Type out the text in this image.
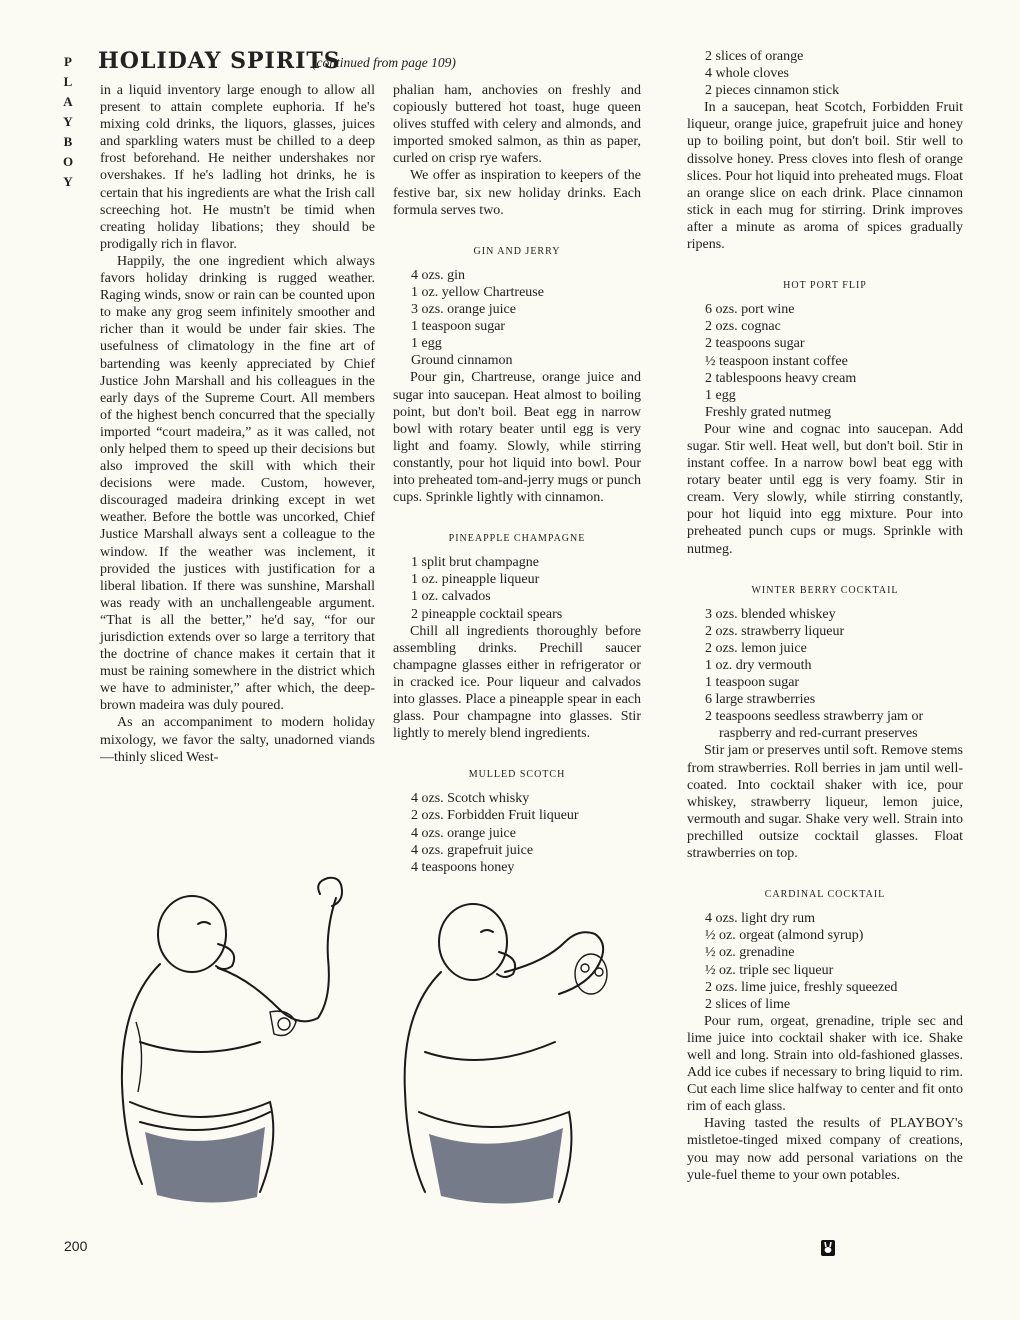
P
L
A
Y
B
O
Y
HOLIDAY SPIRITS
(continued from page 109)

in a liquid inventory large enough to allow all present to attain complete euphoria. If he's mixing cold drinks, the liquors, glasses, juices and sparkling waters must be chilled to a deep frost beforehand. He neither undershakes nor overshakes. If he's ladling hot drinks, he is certain that his ingredients are what the Irish call screeching hot. He mustn't be timid when creating holiday libations; they should be prodigally rich in flavor.

Happily, the one ingredient which always favors holiday drinking is rugged weather. Raging winds, snow or rain can be counted upon to make any grog seem infinitely smoother and richer than it would be under fair skies. The usefulness of climatology in the fine art of bartending was keenly appreciated by Chief Justice John Marshall and his colleagues in the early days of the Supreme Court. All members of the highest bench concurred that the specially imported “court madeira,” as it was called, not only helped them to speed up their decisions but also improved the skill with which their decisions were made. Custom, however, discouraged madeira drinking except in wet weather. Before the bottle was uncorked, Chief Justice Marshall always sent a colleague to the window. If the weather was inclement, it provided the justices with justification for a liberal libation. If there was sunshine, Marshall was ready with an unchallengeable argument. “That is all the better,” he'd say, “for our jurisdiction extends over so large a territory that the doctrine of chance makes it certain that it must be raining somewhere in the district which we have to administer,” after which, the deep-brown madeira was duly poured.

As an accompaniment to modern holiday mixology, we favor the salty, unadorned viands—thinly sliced West-

phalian ham, anchovies on freshly and copiously buttered hot toast, huge queen olives stuffed with celery and almonds, and imported smoked salmon, as thin as paper, curled on crisp rye wafers.

We offer as inspiration to keepers of the festive bar, six new holiday drinks. Each formula serves two.

GIN AND JERRY
4 ozs. gin
1 oz. yellow Chartreuse
3 ozs. orange juice
1 teaspoon sugar
1 egg
Ground cinnamon

Pour gin, Chartreuse, orange juice and sugar into saucepan. Heat almost to boiling point, but don't boil. Beat egg in narrow bowl with rotary beater until egg is very light and foamy. Slowly, while stirring constantly, pour hot liquid into bowl. Pour into preheated tom-and-jerry mugs or punch cups. Sprinkle lightly with cinnamon.

PINEAPPLE CHAMPAGNE
1 split brut champagne
1 oz. pineapple liqueur
1 oz. calvados
2 pineapple cocktail spears

Chill all ingredients thoroughly before assembling drinks. Prechill saucer champagne glasses either in refrigerator or in cracked ice. Pour liqueur and calvados into glasses. Place a pineapple spear in each glass. Pour champagne into glasses. Stir lightly to merely blend ingredients.

MULLED SCOTCH
4 ozs. Scotch whisky
2 ozs. Forbidden Fruit liqueur
4 ozs. orange juice
4 ozs. grapefruit juice
4 teaspoons honey
2 slices of orange
4 whole cloves
2 pieces cinnamon stick

In a saucepan, heat Scotch, Forbidden Fruit liqueur, orange juice, grapefruit juice and honey up to boiling point, but don't boil. Stir well to dissolve honey. Press cloves into flesh of orange slices. Pour hot liquid into preheated mugs. Float an orange slice on each drink. Place cinnamon stick in each mug for stirring. Drink improves after a minute as aroma of spices gradually ripens.

HOT PORT FLIP
6 ozs. port wine
2 ozs. cognac
2 teaspoons sugar
½ teaspoon instant coffee
2 tablespoons heavy cream
1 egg
Freshly grated nutmeg

Pour wine and cognac into saucepan. Add sugar. Stir well. Heat well, but don't boil. Stir in instant coffee. In a narrow bowl beat egg with rotary beater until egg is very foamy. Stir in cream. Very slowly, while stirring constantly, pour hot liquid into egg mixture. Pour into preheated punch cups or mugs. Sprinkle with nutmeg.

WINTER BERRY COCKTAIL
3 ozs. blended whiskey
2 ozs. strawberry liqueur
2 ozs. lemon juice
1 oz. dry vermouth
1 teaspoon sugar
6 large strawberries
2 teaspoons seedless strawberry jam or
raspberry and red-currant preserves

Stir jam or preserves until soft. Remove stems from strawberries. Roll berries in jam until well-coated. Into cocktail shaker with ice, pour whiskey, strawberry liqueur, lemon juice, vermouth and sugar. Shake very well. Strain into prechilled outsize cocktail glasses. Float strawberries on top.

CARDINAL COCKTAIL
4 ozs. light dry rum
½ oz. orgeat (almond syrup)
½ oz. grenadine
½ oz. triple sec liqueur
2 ozs. lime juice, freshly squeezed
2 slices of lime

Pour rum, orgeat, grenadine, triple sec and lime juice into cocktail shaker with ice. Shake well and long. Strain into old-fashioned glasses. Add ice cubes if necessary to bring liquid to rim. Cut each lime slice halfway to center and fit onto rim of each glass.

Having tasted the results of PLAYBOY's mistletoe-tinged mixed company of creations, you may now add personal variations on the yule-fuel theme to your own potables.

200
